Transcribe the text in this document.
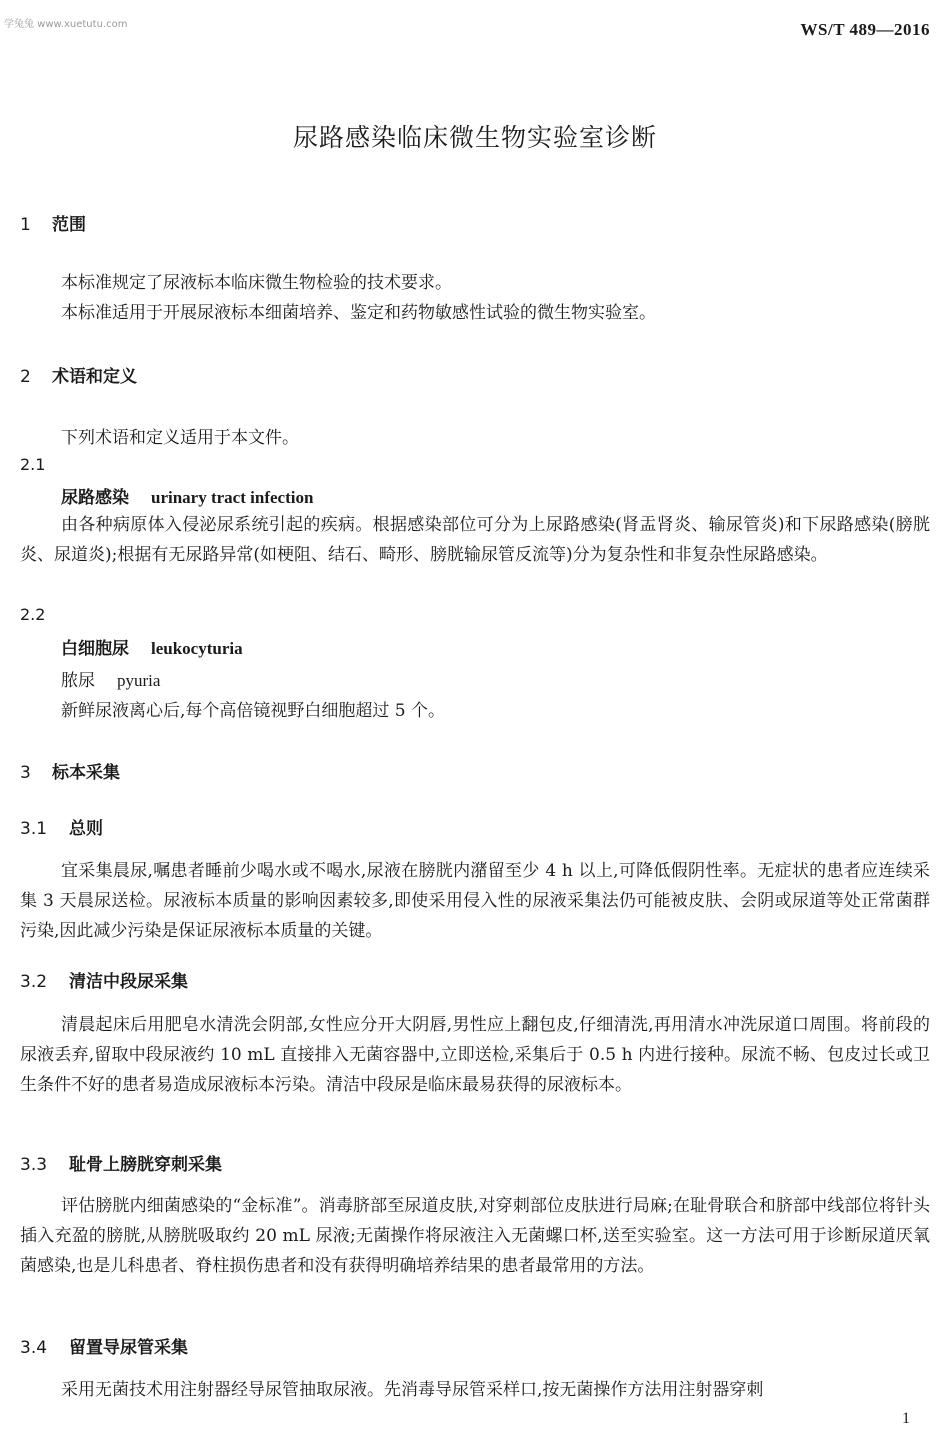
学兔兔 www.xuetutu.com	WS/T 489—2016
尿路感染临床微生物实验室诊断
1 范围

本标准规定了尿液标本临床微生物检验的技术要求。

本标准适用于开展尿液标本细菌培养、鉴定和药物敏感性试验的微生物实验室。

2 术语和定义

下列术语和定义适用于本文件。

2.1
尿路感染 urinary tract infection

由各种病原体入侵泌尿系统引起的疾病。根据感染部位可分为上尿路感染(肾盂肾炎、输尿管炎)和下尿路感染(膀胱炎、尿道炎);根据有无尿路异常(如梗阻、结石、畸形、膀胱输尿管反流等)分为复杂性和非复杂性尿路感染。

2.2
白细胞尿 leukocyturia
脓尿 pyuria

新鲜尿液离心后,每个高倍镜视野白细胞超过 5 个。

3 标本采集
3.1 总则

宜采集晨尿,嘱患者睡前少喝水或不喝水,尿液在膀胱内潴留至少 4 h 以上,可降低假阴性率。无症状的患者应连续采集 3 天晨尿送检。尿液标本质量的影响因素较多,即使采用侵入性的尿液采集法仍可能被皮肤、会阴或尿道等处正常菌群污染,因此减少污染是保证尿液标本质量的关键。

3.2 清洁中段尿采集

清晨起床后用肥皂水清洗会阴部,女性应分开大阴唇,男性应上翻包皮,仔细清洗,再用清水冲洗尿道口周围。将前段的尿液丢弃,留取中段尿液约 10 mL 直接排入无菌容器中,立即送检,采集后于 0.5 h 内进行接种。尿流不畅、包皮过长或卫生条件不好的患者易造成尿液标本污染。清洁中段尿是临床最易获得的尿液标本。

3.3 耻骨上膀胱穿刺采集

评估膀胱内细菌感染的“金标准”。消毒脐部至尿道皮肤,对穿刺部位皮肤进行局麻;在耻骨联合和脐部中线部位将针头插入充盈的膀胱,从膀胱吸取约 20 mL 尿液;无菌操作将尿液注入无菌螺口杯,送至实验室。这一方法可用于诊断尿道厌氧菌感染,也是儿科患者、脊柱损伤患者和没有获得明确培养结果的患者最常用的方法。

3.4 留置导尿管采集

采用无菌技术用注射器经导尿管抽取尿液。先消毒导尿管采样口,按无菌操作方法用注射器穿刺

1
